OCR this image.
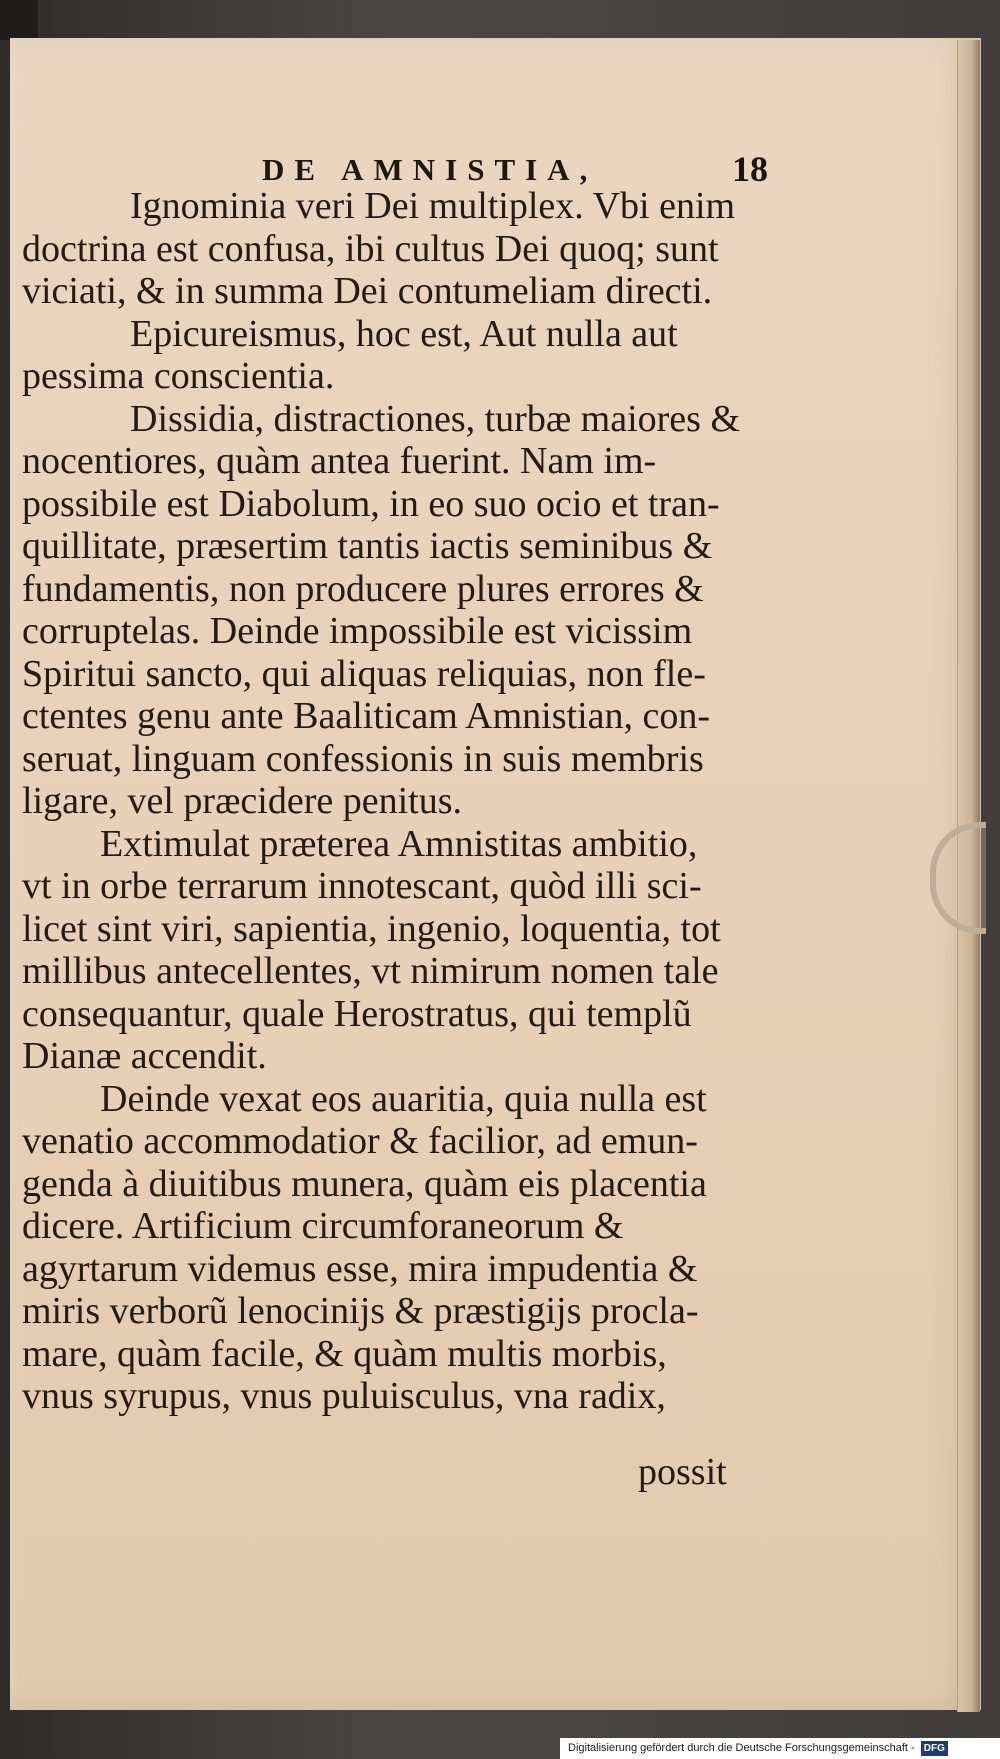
DE AMNISTIA,	18
Ignominia veri Dei multiplex. Vbi enim
doctrina est confusa, ibi cultus Dei quoq; sunt
viciati, & in summa Dei contumeliam directi.
Epicureismus, hoc est, Aut nulla aut
pessima conscientia.
Dissidia, distractiones, turbæ maiores &
nocentiores, quàm antea fuerint. Nam im-
possibile est Diabolum, in eo suo ocio et tran-
quillitate, præsertim tantis iactis seminibus &
fundamentis, non producere plures errores &
corruptelas. Deinde impossibile est vicissim
Spiritui sancto, qui aliquas reliquias, non fle-
ctentes genu ante Baaliticam Amnistian, con-
seruat, linguam confessionis in suis membris
ligare, vel præcidere penitus.
Extimulat præterea Amnistitas ambitio,
vt in orbe terrarum innotescant, quòd illi sci-
licet sint viri, sapientia, ingenio, loquentia, tot
millibus antecellentes, vt nimirum nomen tale
consequantur, quale Herostratus, qui templũ
Dianæ accendit.
Deinde vexat eos auaritia, quia nulla est
venatio accommodatior & facilior, ad emun-
genda à diuitibus munera, quàm eis placentia
dicere. Artificium circumforaneorum &
agyrtarum videmus esse, mira impudentia &
miris verborũ lenocinijs & præstigijs procla-
mare, quàm facile, & quàm multis morbis,
vnus syrupus, vnus puluisculus, vna radix,
possit
Digitalisierung gefördert durch die Deutsche Forschungsgemeinschaft - DFG
